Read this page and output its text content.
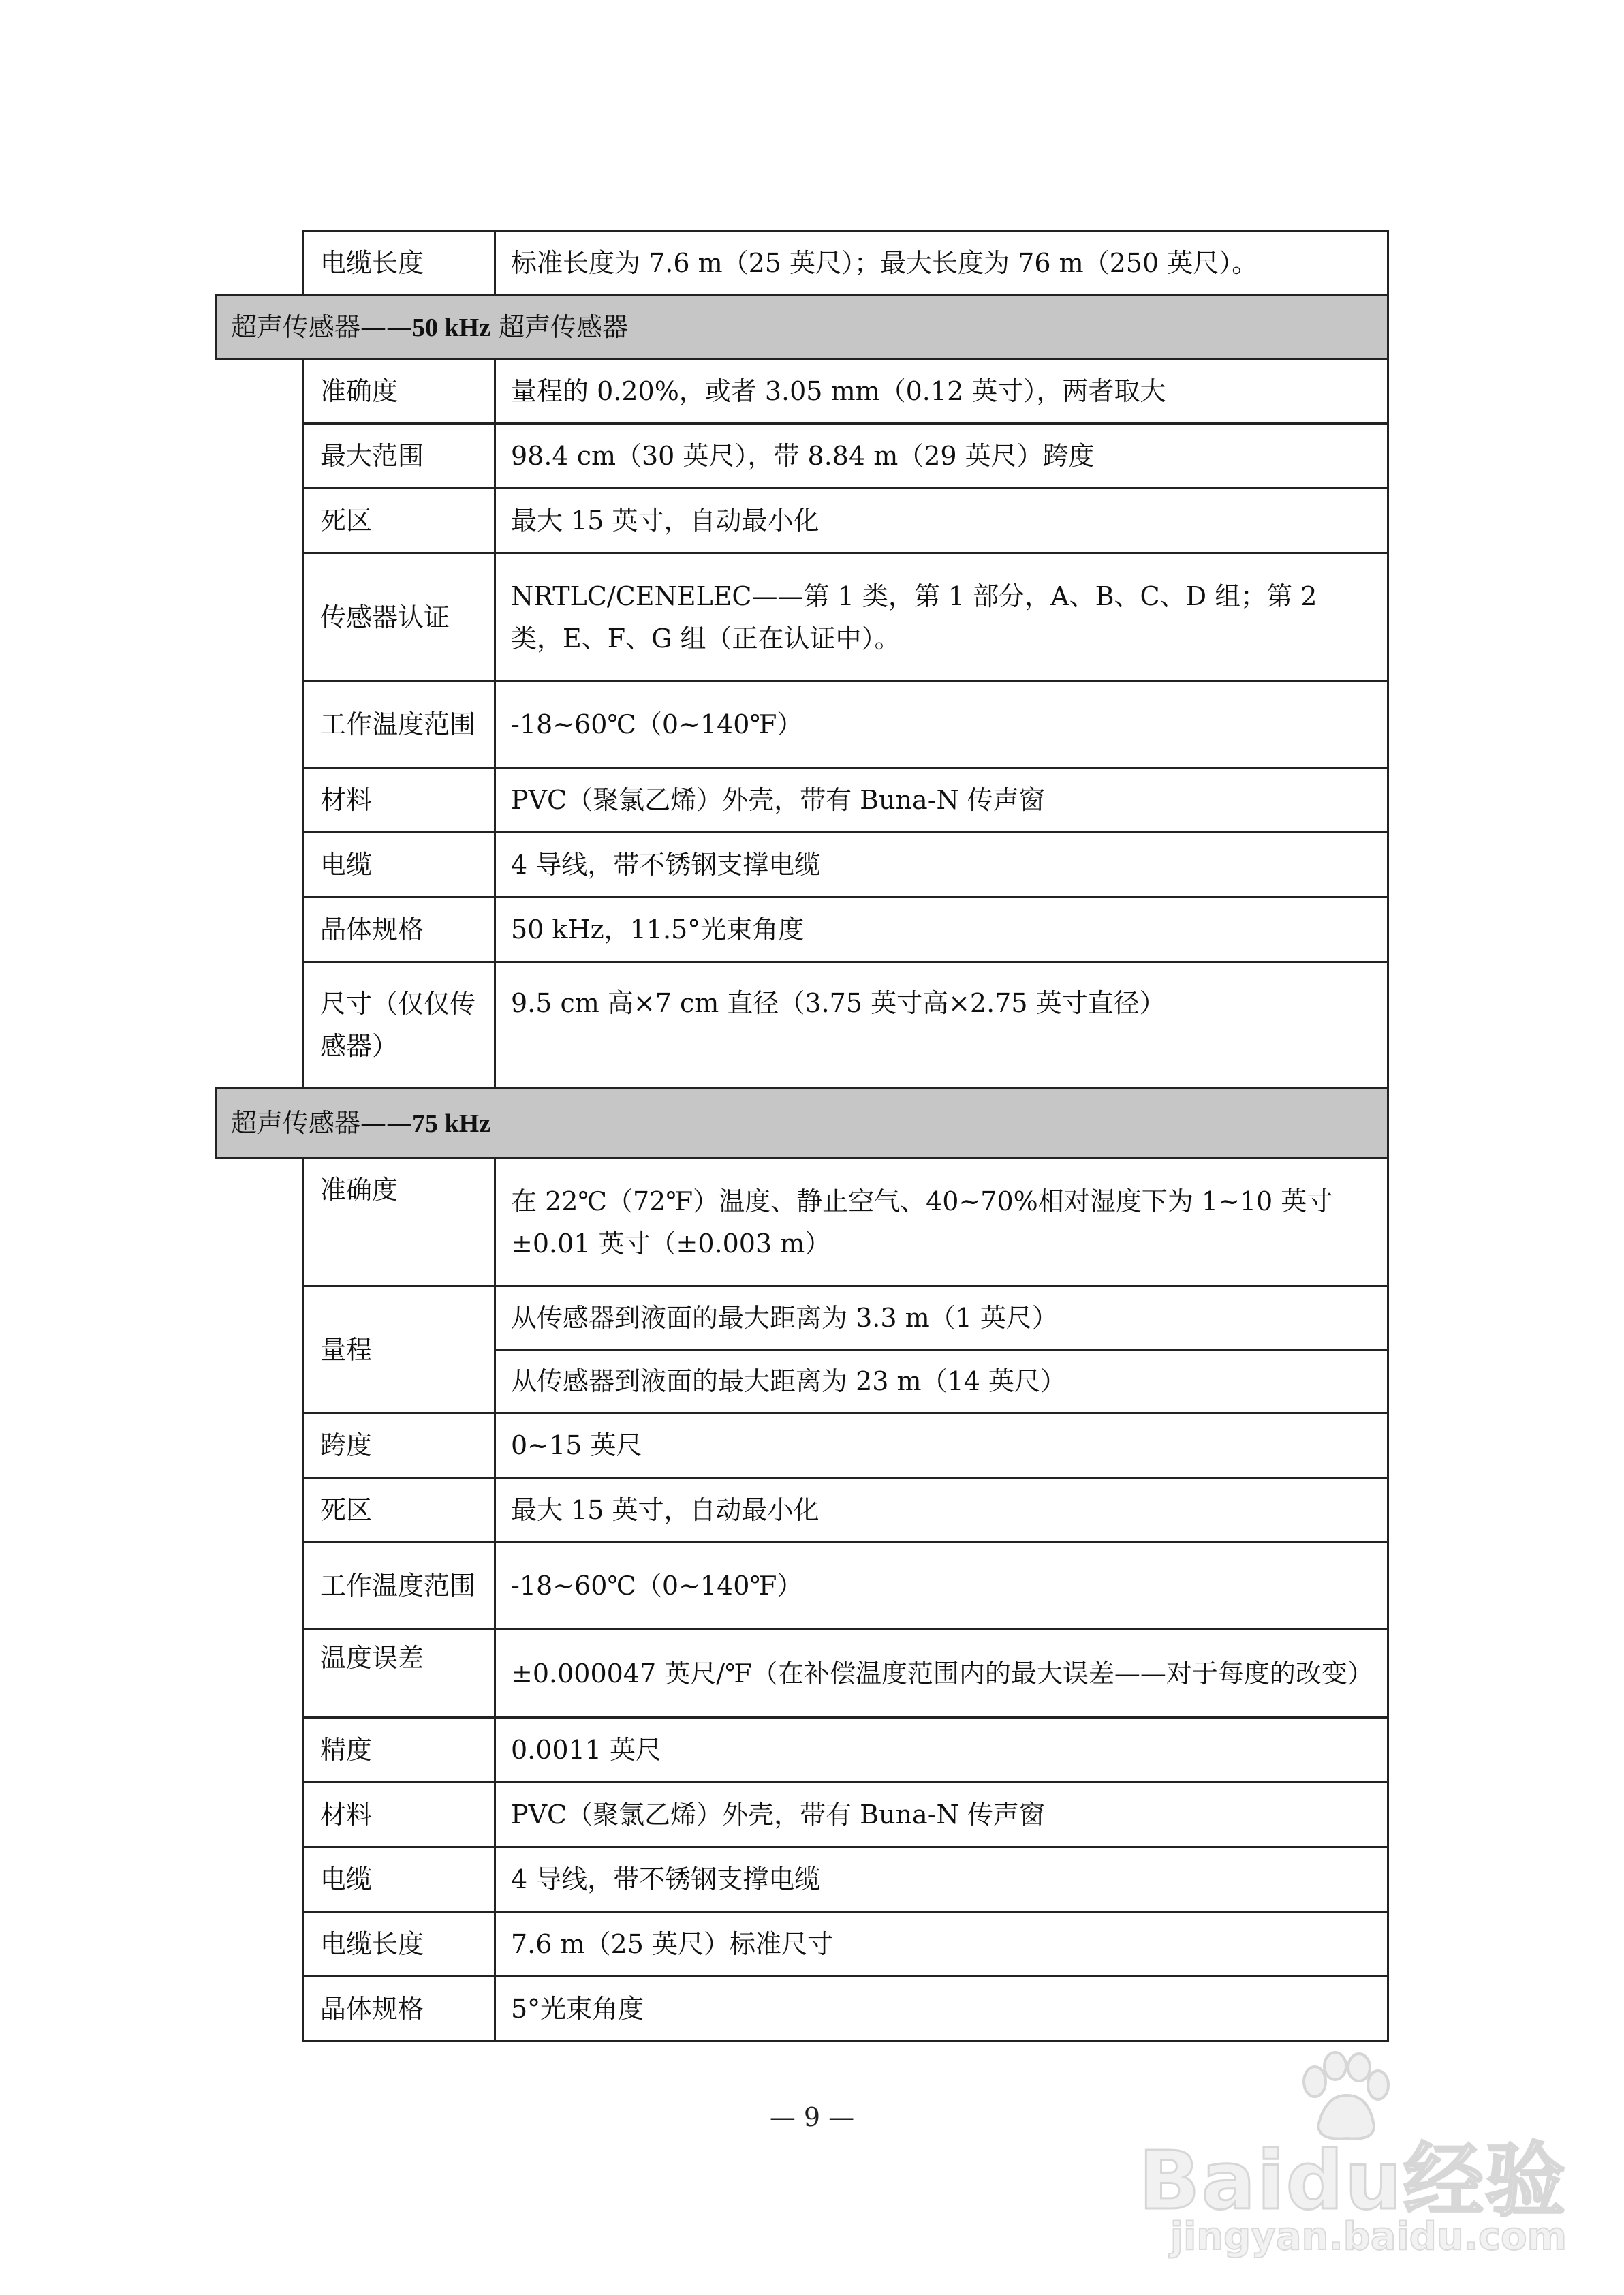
	电缆长度	标准长度为 7.6 m（25 英尺）；最大长度为 76 m（250 英尺）。
超声传感器——50 kHz 超声传感器		
	准确度	量程的 0.20%，或者 3.05 mm（0.12 英寸），两者取大
	最大范围	98.4 cm（30 英尺），带 8.84 m（29 英尺）跨度
	死区	最大 15 英寸，自动最小化
	传感器认证	NRTLC/CENELEC——第 1 类，第 1 部分，A、B、C、D 组；第 2 类，E、F、G 组（正在认证中）。
	工作温度范围	-18~60℃（0~140℉）
	材料	PVC（聚氯乙烯）外壳，带有 Buna-N 传声窗
	电缆	4 导线，带不锈钢支撑电缆
	晶体规格	50 kHz，11.5°光束角度
	尺寸（仅仅传感器）	9.5 cm 高×7 cm 直径（3.75 英寸高×2.75 英寸直径）
超声传感器——75 kHz		
	准确度	在 22℃（72℉）温度、静止空气、40~70%相对湿度下为 1~10 英寸±0.01 英寸（±0.003 m）
	量程	从传感器到液面的最大距离为 3.3 m（1 英尺）
		从传感器到液面的最大距离为 23 m（14 英尺）
	跨度	0~15 英尺
	死区	最大 15 英寸，自动最小化
	工作温度范围	-18~60℃（0~140℉）
	温度误差	±0.000047 英尺/℉（在补偿温度范围内的最大误差——对于每度的改变）
	精度	0.0011 英尺
	材料	PVC（聚氯乙烯）外壳，带有 Buna-N 传声窗
	电缆	4 导线，带不锈钢支撑电缆
	电缆长度	7.6 m（25 英尺）标准尺寸
	晶体规格	5°光束角度
— 9 —
Baidu经验
jingyan.baidu.com
